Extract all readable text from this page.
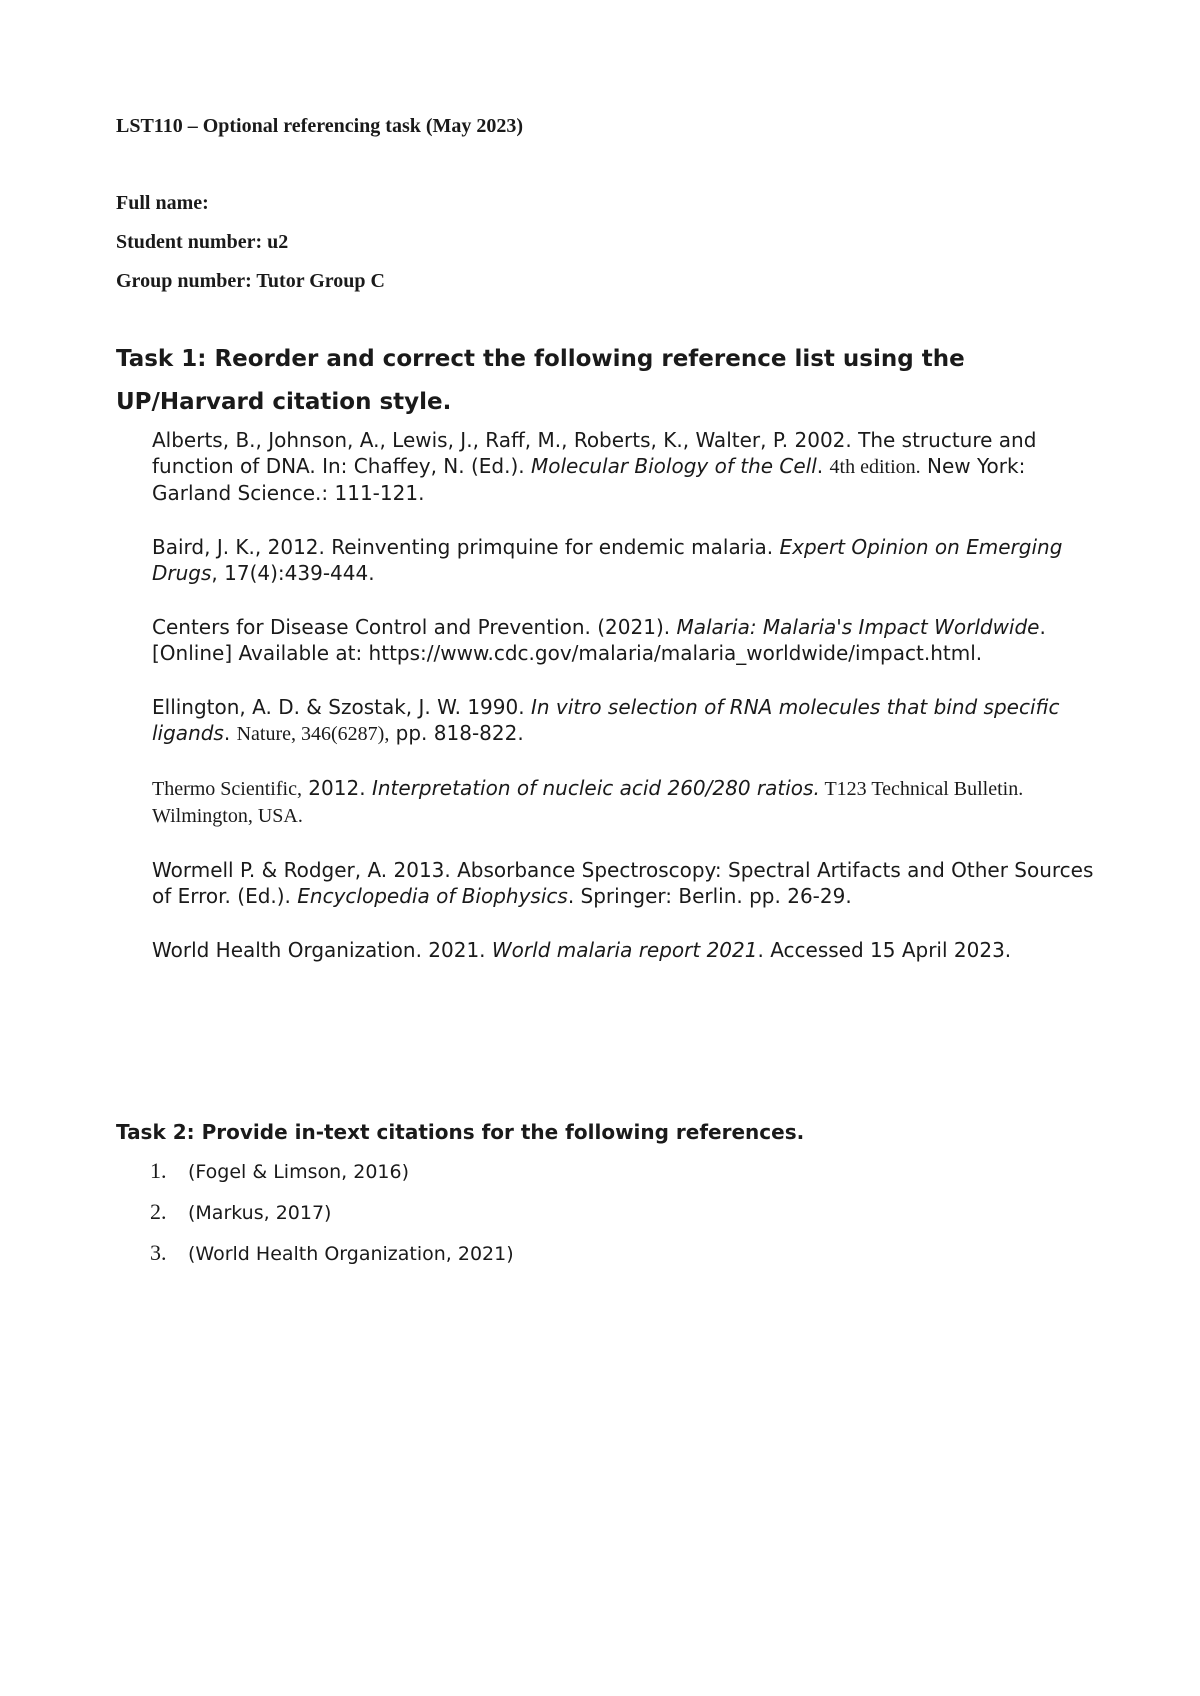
LST110 – Optional referencing task (May 2023)
Full name:
Student number: u2
Group number: Tutor Group C
Task 1: Reorder and correct the following reference list using the UP/Harvard citation style.

Alberts, B., Johnson, A., Lewis, J., Raff, M., Roberts, K., Walter, P. 2002. The structure and function of DNA. In: Chaffey, N. (Ed.). Molecular Biology of the Cell. 4th edition. New York: Garland Science.: 111-121.

Baird, J. K., 2012. Reinventing primquine for endemic malaria. Expert Opinion on Emerging Drugs, 17(4):439-444.

Centers for Disease Control and Prevention. (2021). Malaria: Malaria's Impact Worldwide. [Online] Available at: https://www.cdc.gov/malaria/malaria_worldwide/impact.html.

Ellington, A. D. & Szostak, J. W. 1990. In vitro selection of RNA molecules that bind specific ligands. Nature, 346(6287), pp. 818-822.

Thermo Scientific, 2012. Interpretation of nucleic acid 260/280 ratios. T123 Technical Bulletin. Wilmington, USA.

Wormell P. & Rodger, A. 2013. Absorbance Spectroscopy: Spectral Artifacts and Other Sources of Error. (Ed.). Encyclopedia of Biophysics. Springer: Berlin. pp. 26-29.

World Health Organization. 2021. World malaria report 2021. Accessed 15 April 2023.

Task 2: Provide in-text citations for the following references.
1.	(Fogel & Limson, 2016)
2.	(Markus, 2017)
3.	(World Health Organization, 2021)
